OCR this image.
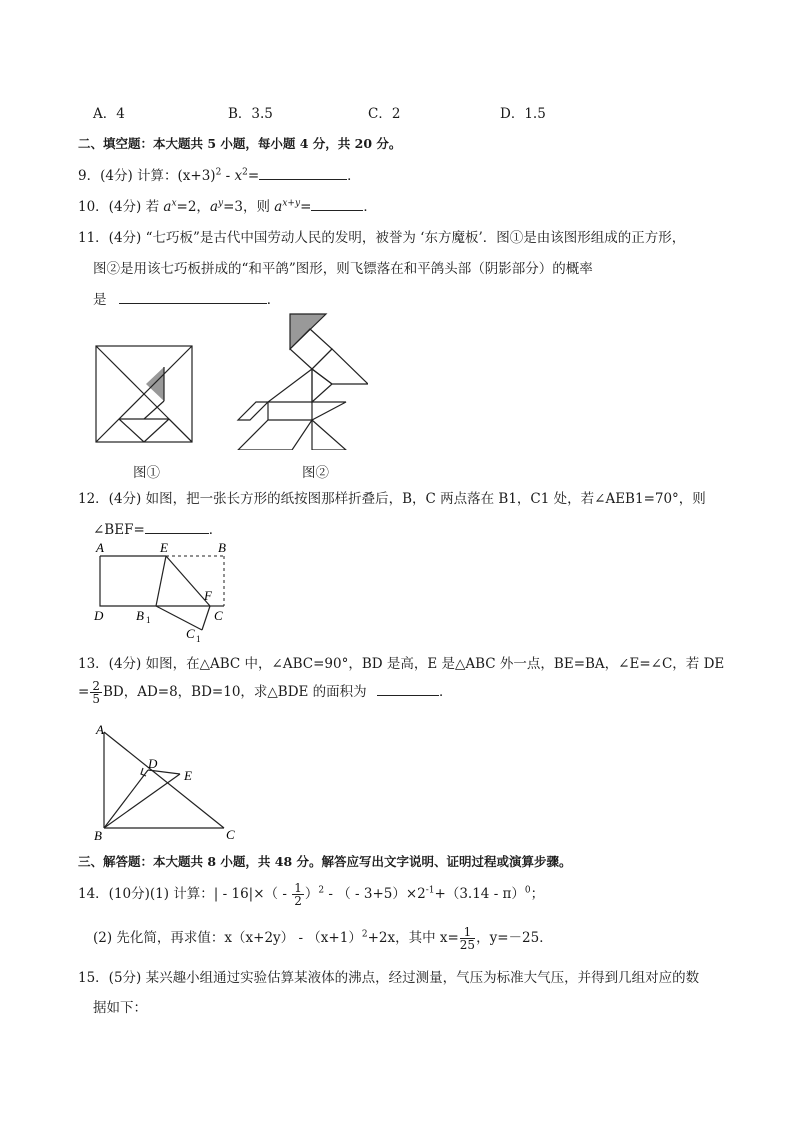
A．4	B．3.5	C．2	D．1.5
二、填空题：本大题共 5 小题，每小题 4 分，共 20 分。
9．(4分) 计算：$(x+3)^2 - x^2=$	．
10．(4分) 若 $a^x=2$，$a^y=3$，则 $a^{x+y}=$	．
11．(4分) “七巧板”是古代中国劳动人民的发明，被誉为 ‘东方魔板’．图①是由该图形组成的正方形，
图②是用该七巧板拼成的“和平鸽”图形，则飞镖落在和平鸽头部（阴影部分）的概率
是	．
图①	图②
12．(4分) 如图，把一张长方形的纸按图那样折叠后，B，C 两点落在 B1，C1 处，若∠AEB1=70°，则
∠BEF=	．
A	E	B
D	B 1
F
C
C 1
13．(4分) 如图，在△ABC 中，∠ABC=90°，BD 是高，E 是△ABC 外一点，BE=BA，∠E=∠C，若 DE
= $\frac{2}{5}$ BD，AD=8，BD=10，求△BDE 的面积为	．
A
D
E
B	C
三、解答题：本大题共 8 小题，共 48 分。解答应写出文字说明、证明过程或演算步骤。
14．(10分)(1) 计算：| - $16|\times( - \frac{1}{2} )^2$ - （ - $3+5)\times 2^{-1}+(3.14 - \pi)^0$；
(2) 先化简，再求值：$x(x+2y) - (x+1)^2+2x$，其中 $x= \frac{1}{25}$ ，y=－25．
15．(5分) 某兴趣小组通过实验估算某液体的沸点，经过测量，气压为标准大气压，并得到几组对应的数
据如下：
